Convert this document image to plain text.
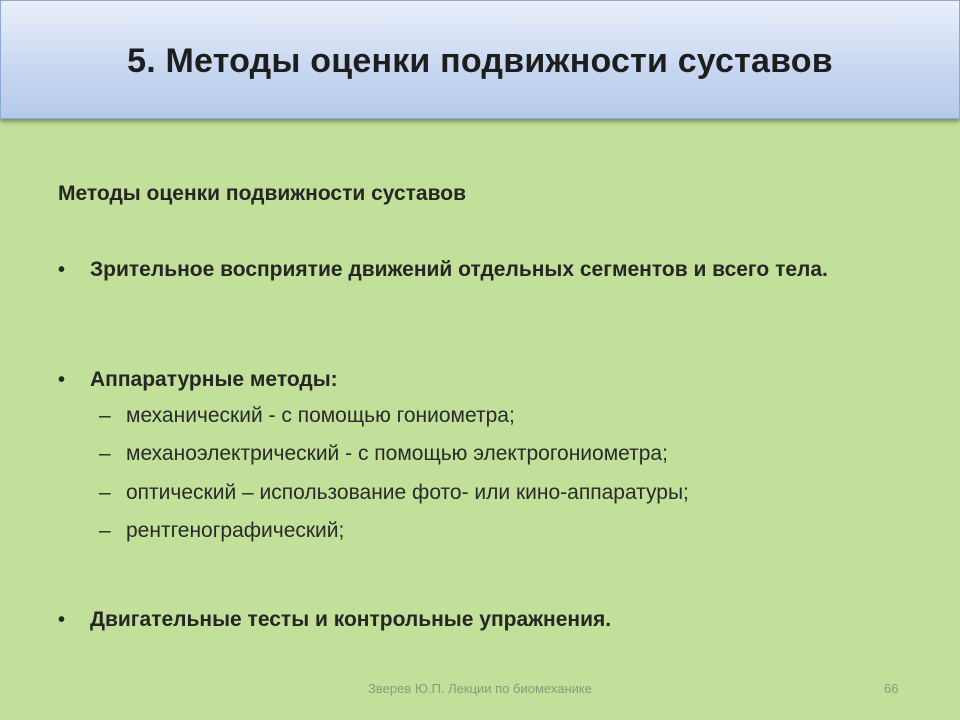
5. Методы оценки подвижности суставов
Методы оценки подвижности суставов
• Зрительное восприятие движений отдельных сегментов и всего тела.
• Аппаратурные методы:
– механический - с помощью гониометра;
– механоэлектрический - с помощью электрогониометра;
– оптический – использование фото- или кино-аппаратуры;
– рентгенографический;
• Двигательные тесты и контрольные упражнения.
Зверев Ю.П. Лекции по биомеханике	66
